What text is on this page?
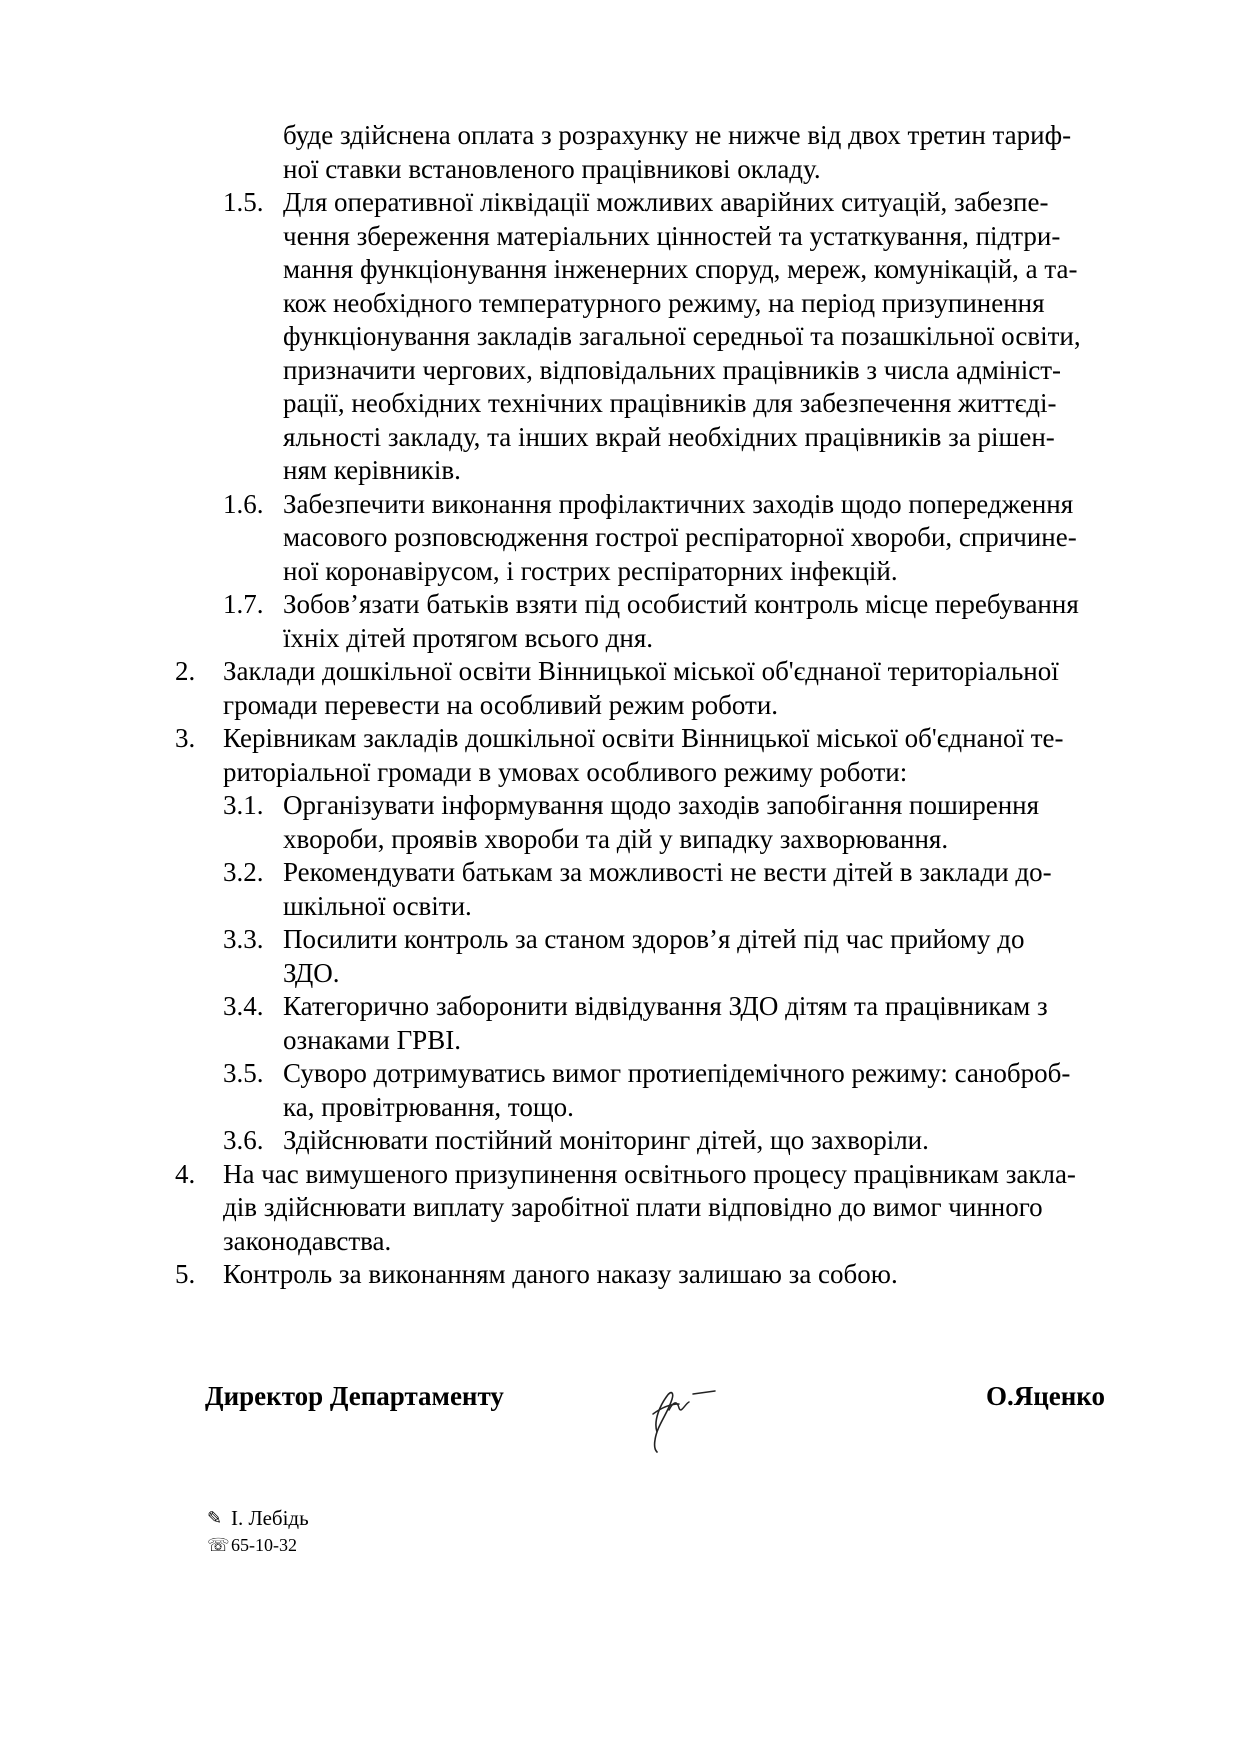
буде здійснена оплата з розрахунку не нижче від двох третин тариф-
ної ставки встановленого працівникові окладу.
1.5. Для оперативної ліквідації можливих аварійних ситуацій, забезпе-
чення збереження матеріальних цінностей та устаткування, підтри-
мання функціонування інженерних споруд, мереж, комунікацій, а та-
кож необхідного температурного режиму, на період призупинення
функціонування закладів загальної середньої та позашкільної освіти,
призначити чергових, відповідальних працівників з числа адмініст-
рації, необхідних технічних працівників для забезпечення життєді-
яльності закладу, та інших вкрай необхідних працівників за рішен-
ням керівників.
1.6. Забезпечити виконання профілактичних заходів щодо попередження
масового розповсюдження гострої респіраторної хвороби, спричине-
ної коронавірусом, і гострих респіраторних інфекцій.
1.7. Зобов’язати батьків взяти під особистий контроль місце перебування
їхніх дітей протягом всього дня.
2.	Заклади дошкільної освіти Вінницької міської об'єднаної територіальної
громади перевести на особливий режим роботи.
3.	Керівникам закладів дошкільної освіти Вінницької міської об'єднаної те-
риторіальної громади в умовах особливого режиму роботи:
3.1. Організувати інформування щодо заходів запобігання поширення
хвороби, проявів хвороби та дій у випадку захворювання.
3.2. Рекомендувати батькам за можливості не вести дітей в заклади до-
шкільної освіти.
3.3. Посилити контроль за станом здоров’я дітей під час прийому до
ЗДО.
3.4. Категорично заборонити відвідування ЗДО дітям та працівникам з
ознаками ГРВІ.
3.5. Суворо дотримуватись вимог протиепідемічного режиму: саноброб-
ка, провітрювання, тощо.
3.6. Здійснювати постійний моніторинг дітей, що захворіли.
4.	На час вимушеного призупинення освітнього процесу працівникам закла-
дів здійснювати виплату заробітної плати відповідно до вимог чинного
законодавства.
5.	Контроль за виконанням даного наказу залишаю за собою.
Директор Департаменту	О.Яценко
✎ І. Лебідь
☏ 65-10-32
